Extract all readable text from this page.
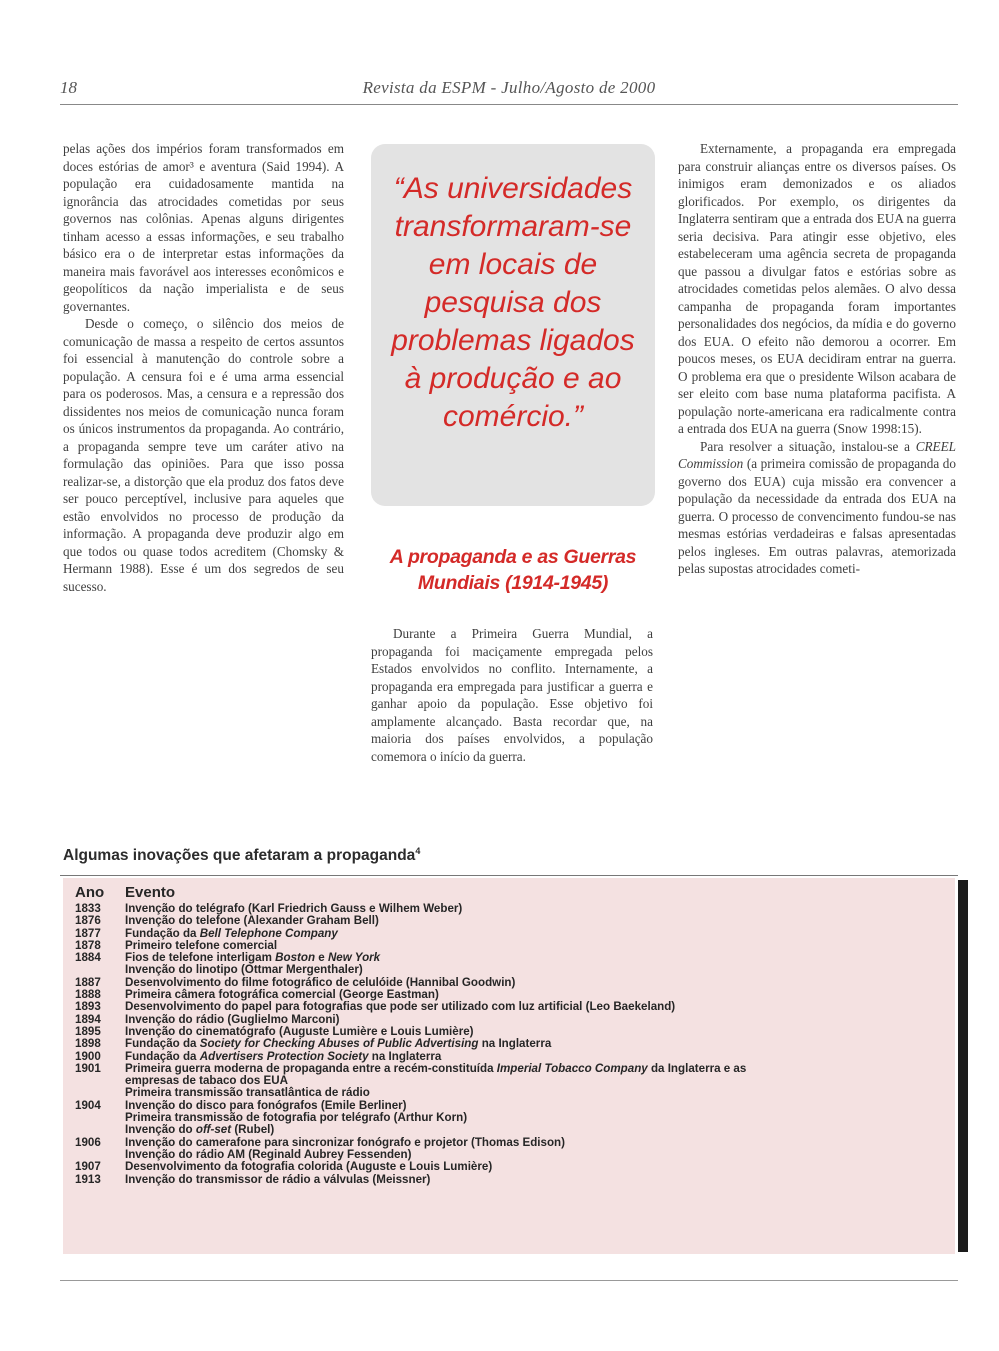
18	Revista da ESPM - Julho/Agosto de 2000

pelas ações dos impérios foram transformados em doces estórias de amor³ e aventura (Said 1994). A população era cuidadosamente mantida na ignorância das atrocidades cometidas por seus governos nas colônias. Apenas alguns dirigentes tinham acesso a essas informações, e seu trabalho básico era o de interpretar estas informações da maneira mais favorável aos interesses econômicos e geopolíticos da nação imperialista e de seus governantes.

Desde o começo, o silêncio dos meios de comunicação de massa a respeito de certos assuntos foi essencial à manutenção do controle sobre a população. A censura foi e é uma arma essencial para os poderosos. Mas, a censura e a repressão dos dissidentes nos meios de comunicação nunca foram os únicos instrumentos da propaganda. Ao contrário, a propaganda sempre teve um caráter ativo na formulação das opiniões. Para que isso possa realizar-se, a distorção que ela produz dos fatos deve ser pouco perceptível, inclusive para aqueles que estão envolvidos no processo de produção da informação. A propaganda deve produzir algo em que todos ou quase todos acreditem (Chomsky & Hermann 1988). Esse é um dos segredos de seu sucesso.

“As universidades transformaram-se em locais de pesquisa dos problemas ligados à produção e ao comércio.”
A propaganda e as Guerras Mundiais (1914-1945)

Durante a Primeira Guerra Mundial, a propaganda foi maciçamente empregada pelos Estados envolvidos no conflito. Internamente, a propaganda era empregada para justificar a guerra e ganhar apoio da população. Esse objetivo foi amplamente alcançado. Basta recordar que, na maioria dos países envolvidos, a população comemora o início da guerra.

Externamente, a propaganda era empregada para construir alianças entre os diversos países. Os inimigos eram demonizados e os aliados glorificados. Por exemplo, os dirigentes da Inglaterra sentiram que a entrada dos EUA na guerra seria decisiva. Para atingir esse objetivo, eles estabeleceram uma agência secreta de propaganda que passou a divulgar fatos e estórias sobre as atrocidades cometidas pelos alemães. O alvo dessa campanha de propaganda foram importantes personalidades dos negócios, da mídia e do governo dos EUA. O efeito não demorou a ocorrer. Em poucos meses, os EUA decidiram entrar na guerra. O problema era que o presidente Wilson acabara de ser eleito com base numa plataforma pacifista. A população norte-americana era radicalmente contra a entrada dos EUA na guerra (Snow 1998:15).

Para resolver a situação, instalou-se a CREEL Commission (a primeira comissão de propaganda do governo dos EUA) cuja missão era convencer a população da necessidade da entrada dos EUA na guerra. O processo de convencimento fundou-se nas mesmas estórias verdadeiras e falsas apresentadas pelos ingleses. Em outras palavras, atemorizada pelas supostas atrocidades cometi-

Algumas inovações que afetaram a propaganda$^4$
Ano Evento
1833	Invenção do telégrafo (Karl Friedrich Gauss e Wilhem Weber)
1876	Invenção do telefone (Alexander Graham Bell)
1877	Fundação da Bell Telephone Company
1878	Primeiro telefone comercial
1884	Fios de telefone interligam Boston e New York
Invenção do linotipo (Ottmar Mergenthaler)
1887	Desenvolvimento do filme fotográfico de celulóide (Hannibal Goodwin)
1888	Primeira câmera fotográfica comercial (George Eastman)
1893	Desenvolvimento do papel para fotografias que pode ser utilizado com luz artificial (Leo Baekeland)
1894	Invenção do rádio (Guglielmo Marconi)
1895	Invenção do cinematógrafo (Auguste Lumière e Louis Lumière)
1898	Fundação da Society for Checking Abuses of Public Advertising na Inglaterra
1900	Fundação da Advertisers Protection Society na Inglaterra
1901	Primeira guerra moderna de propaganda entre a recém-constituída Imperial Tobacco Company da Inglaterra e as
empresas de tabaco dos EUA
Primeira transmissão transatlântica de rádio
1904	Invenção do disco para fonógrafos (Emile Berliner)
Primeira transmissão de fotografia por telégrafo (Arthur Korn)
Invenção do off-set (Rubel)
1906	Invenção do camerafone para sincronizar fonógrafo e projetor (Thomas Edison)
Invenção do rádio AM (Reginald Aubrey Fessenden)
1907	Desenvolvimento da fotografia colorida (Auguste e Louis Lumière)
1913	Invenção do transmissor de rádio a válvulas (Meissner)
